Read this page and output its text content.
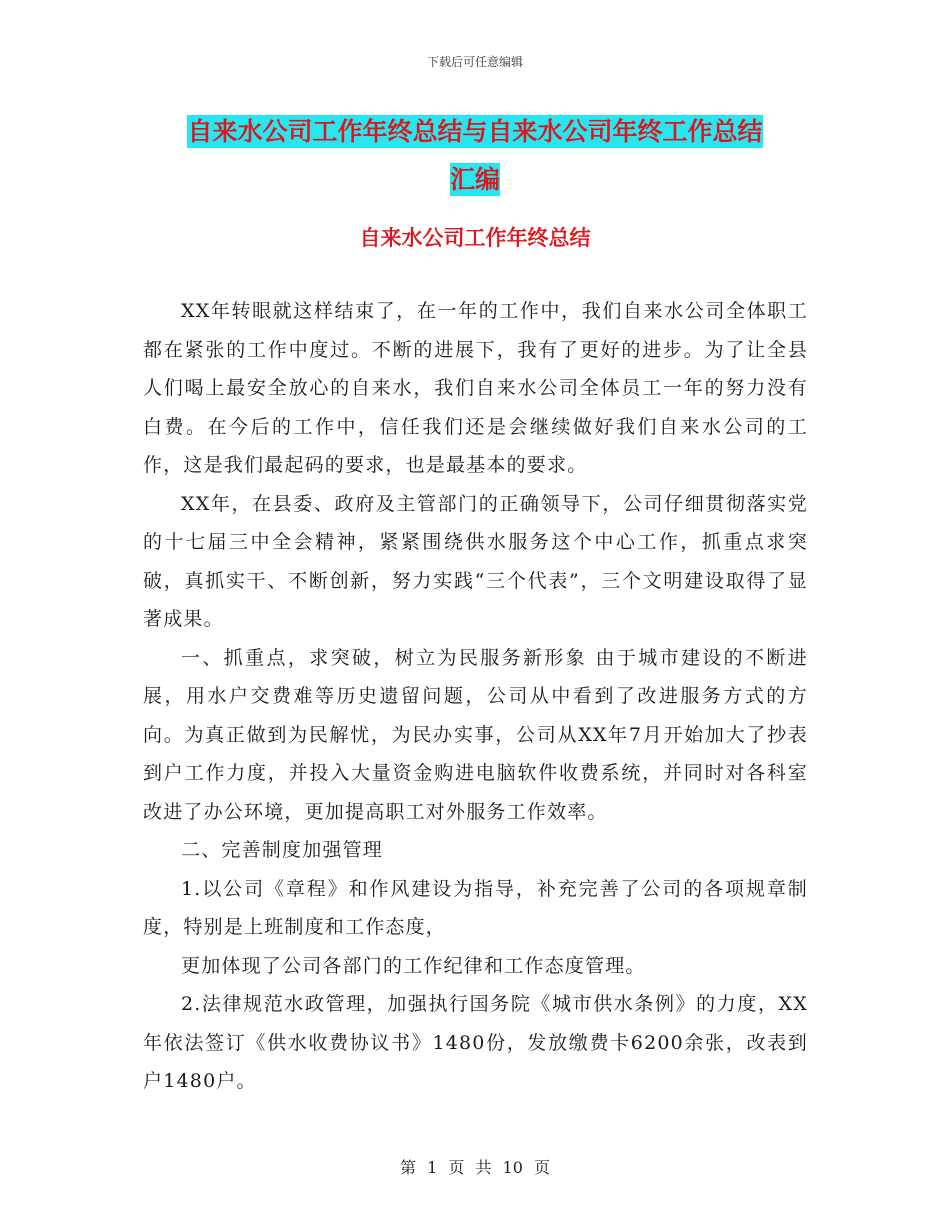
下载后可任意编辑
自来水公司工作年终总结与自来水公司年终工作总结
汇编
自来水公司工作年终总结

XX年转眼就这样结束了，在一年的工作中，我们自来水公司全体职工都在紧张的工作中度过。不断的进展下，我有了更好的进步。为了让全县人们喝上最安全放心的自来水，我们自来水公司全体员工一年的努力没有白费。在今后的工作中，信任我们还是会继续做好我们自来水公司的工作，这是我们最起码的要求，也是最基本的要求。

XX年，在县委、政府及主管部门的正确领导下，公司仔细贯彻落实党的十七届三中全会精神，紧紧围绕供水服务这个中心工作，抓重点求突破，真抓实干、不断创新，努力实践“三个代表”，三个文明建设取得了显著成果。

一、抓重点，求突破，树立为民服务新形象 由于城市建设的不断进展，用水户交费难等历史遗留问题，公司从中看到了改进服务方式的方向。为真正做到为民解忧，为民办实事，公司从XX年7月开始加大了抄表到户工作力度，并投入大量资金购进电脑软件收费系统，并同时对各科室改进了办公环境，更加提高职工对外服务工作效率。

二、完善制度加强管理

1.以公司《章程》和作风建设为指导，补充完善了公司的各项规章制度，特别是上班制度和工作态度，

更加体现了公司各部门的工作纪律和工作态度管理。

2.法律规范水政管理，加强执行国务院《城市供水条例》的力度，XX年依法签订《供水收费协议书》1480份，发放缴费卡6200余张，改表到户1480户。

第 1 页 共 10 页
